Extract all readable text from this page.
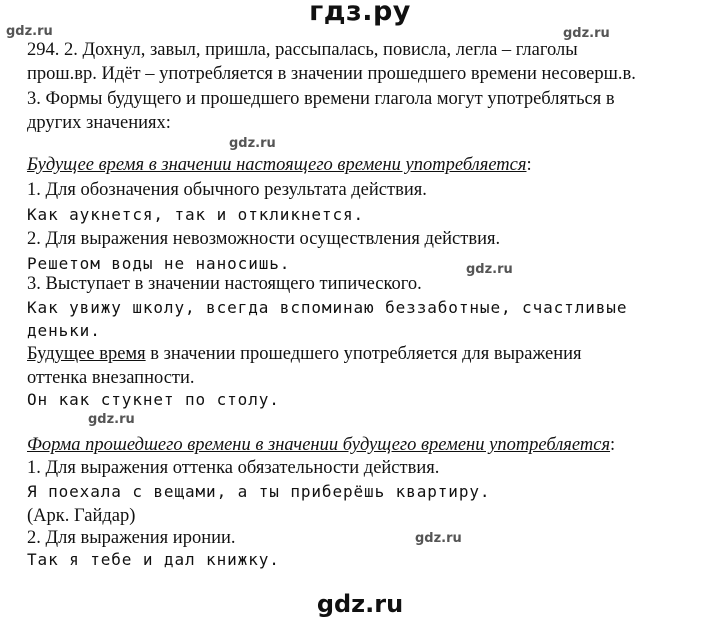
гдз.ру
gdz.ru	gdz.ru
gdz.ru
gdz.ru
gdz.ru
gdz.ru
294. 2. Дохнул, завыл, пришла, рассыпалась, повисла, легла – глаголы
прош.вр. Идёт – употребляется в значении прошедшего времени несоверш.в.
3. Формы будущего и прошедшего времени глагола могут употребляться в
других значениях:
Будущее время в значении настоящего времени употребляется:
1. Для обозначения обычного результата действия.
Как аукнется, так и откликнется.
2. Для выражения невозможности осуществления действия.
Решетом воды не наносишь.
3. Выступает в значении настоящего типического.
Как увижу школу, всегда вспоминаю беззаботные, счастливые
деньки.
Будущее время в значении прошедшего употребляется для выражения
оттенка внезапности.
Он как стукнет по столу.
Форма прошедшего времени в значении будущего времени употребляется:
1. Для выражения оттенка обязательности действия.
Я поехала с вещами, а ты приберёшь квартиру.
(Арк. Гайдар)
2. Для выражения иронии.
Так я тебе и дал книжку.
gdz.ru
